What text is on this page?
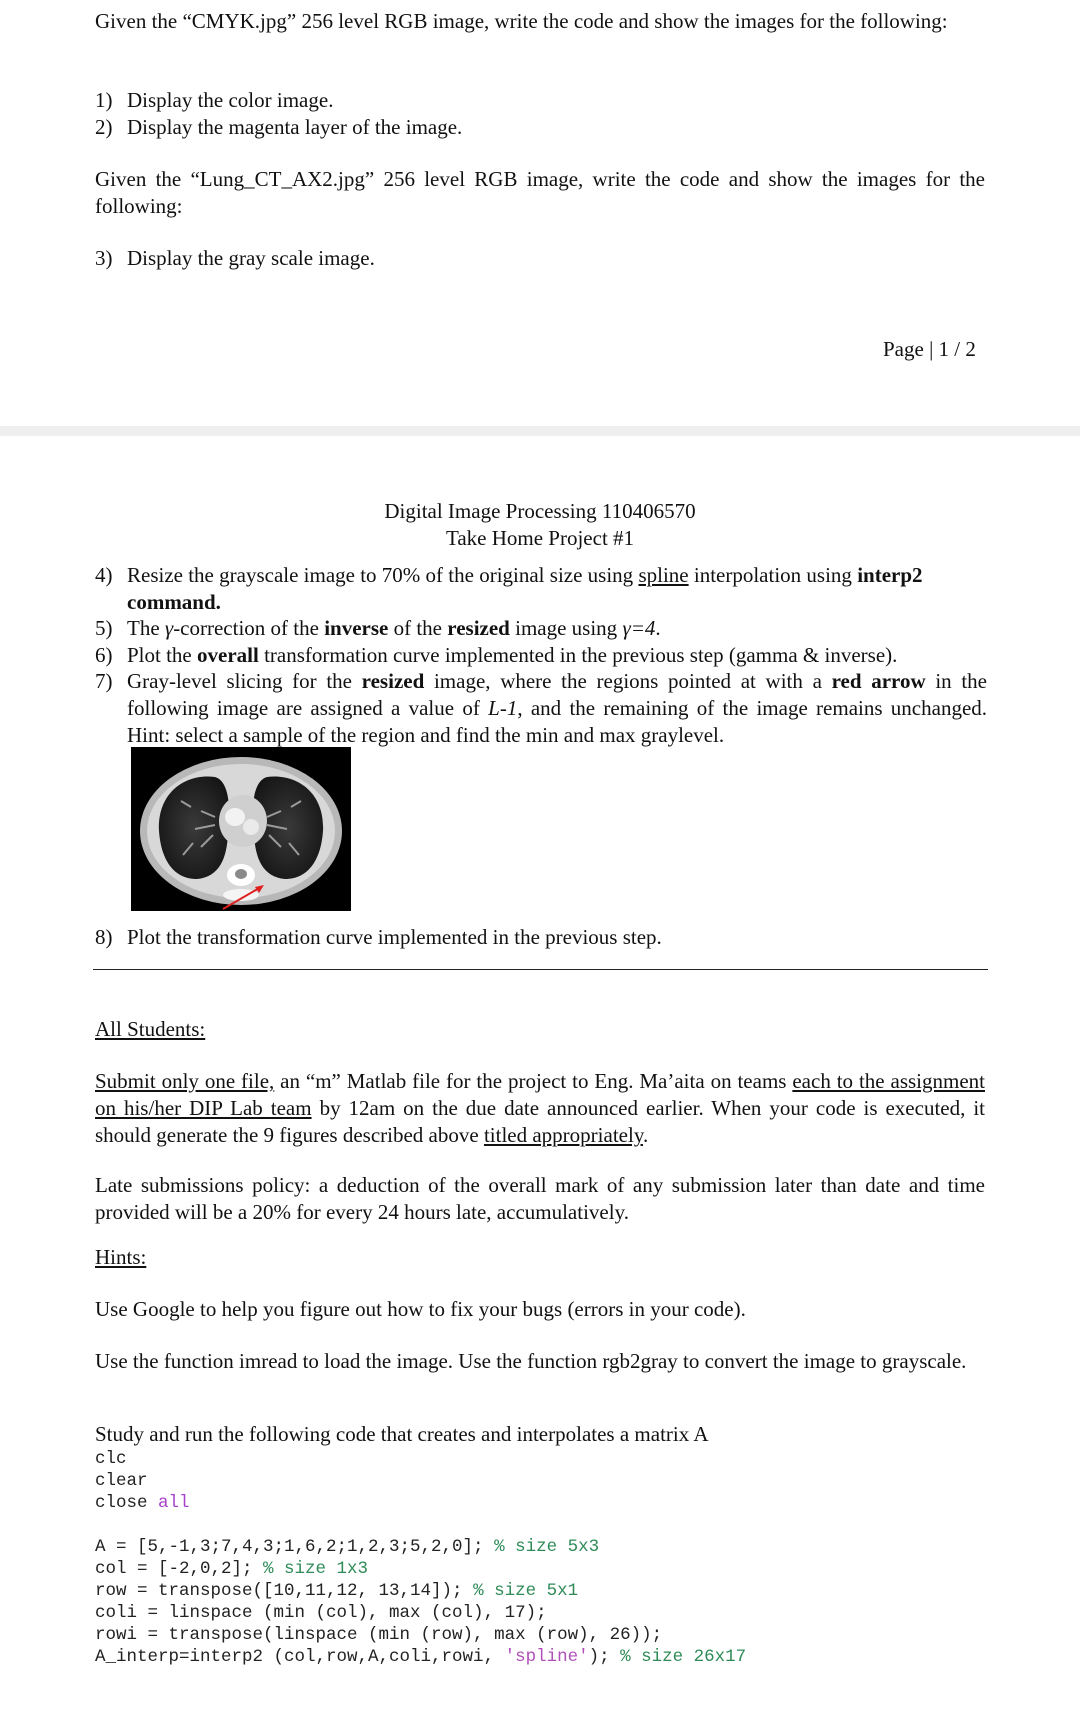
Given the “CMYK.jpg” 256 level RGB image, write the code and show the images for the following:
1) Display the color image.
2) Display the magenta layer of the image.
Given the “Lung_CT_AX2.jpg” 256 level RGB image, write the code and show the images for the following:
3) Display the gray scale image.
Page | 1 / 2
Digital Image Processing 110406570
Take Home Project #1
4) Resize the grayscale image to 70% of the original size using spline interpolation using interp2
command.
5) The γ-correction of the inverse of the resized image using γ=4.
6) Plot the overall transformation curve implemented in the previous step (gamma & inverse).
7) Gray-level slicing for the resized image, where the regions pointed at with a red arrow in the following image are assigned a value of L-1, and the remaining of the image remains unchanged. Hint: select a sample of the region and find the min and max graylevel.
8) Plot the transformation curve implemented in the previous step.
All Students:
Submit only one file, an “m” Matlab file for the project to Eng. Ma’aita on teams each to the assignment on his/her DIP Lab team by 12am on the due date announced earlier. When your code is executed, it should generate the 9 figures described above titled appropriately.
Late submissions policy: a deduction of the overall mark of any submission later than date and time provided will be a 20% for every 24 hours late, accumulatively.
Hints:
Use Google to help you figure out how to fix your bugs (errors in your code).
Use the function imread to load the image. Use the function rgb2gray to convert the image to grayscale.
Study and run the following code that creates and interpolates a matrix A
clc
clear
close all
A = [5,-1,3;7,4,3;1,6,2;1,2,3;5,2,0]; % size 5x3
col = [-2,0,2]; % size 1x3
row = transpose([10,11,12, 13,14]); % size 5x1
coli = linspace (min (col), max (col), 17);
rowi = transpose(linspace (min (row), max (row), 26));
A_interp=interp2 (col,row,A,coli,rowi, 'spline'); % size 26x17
